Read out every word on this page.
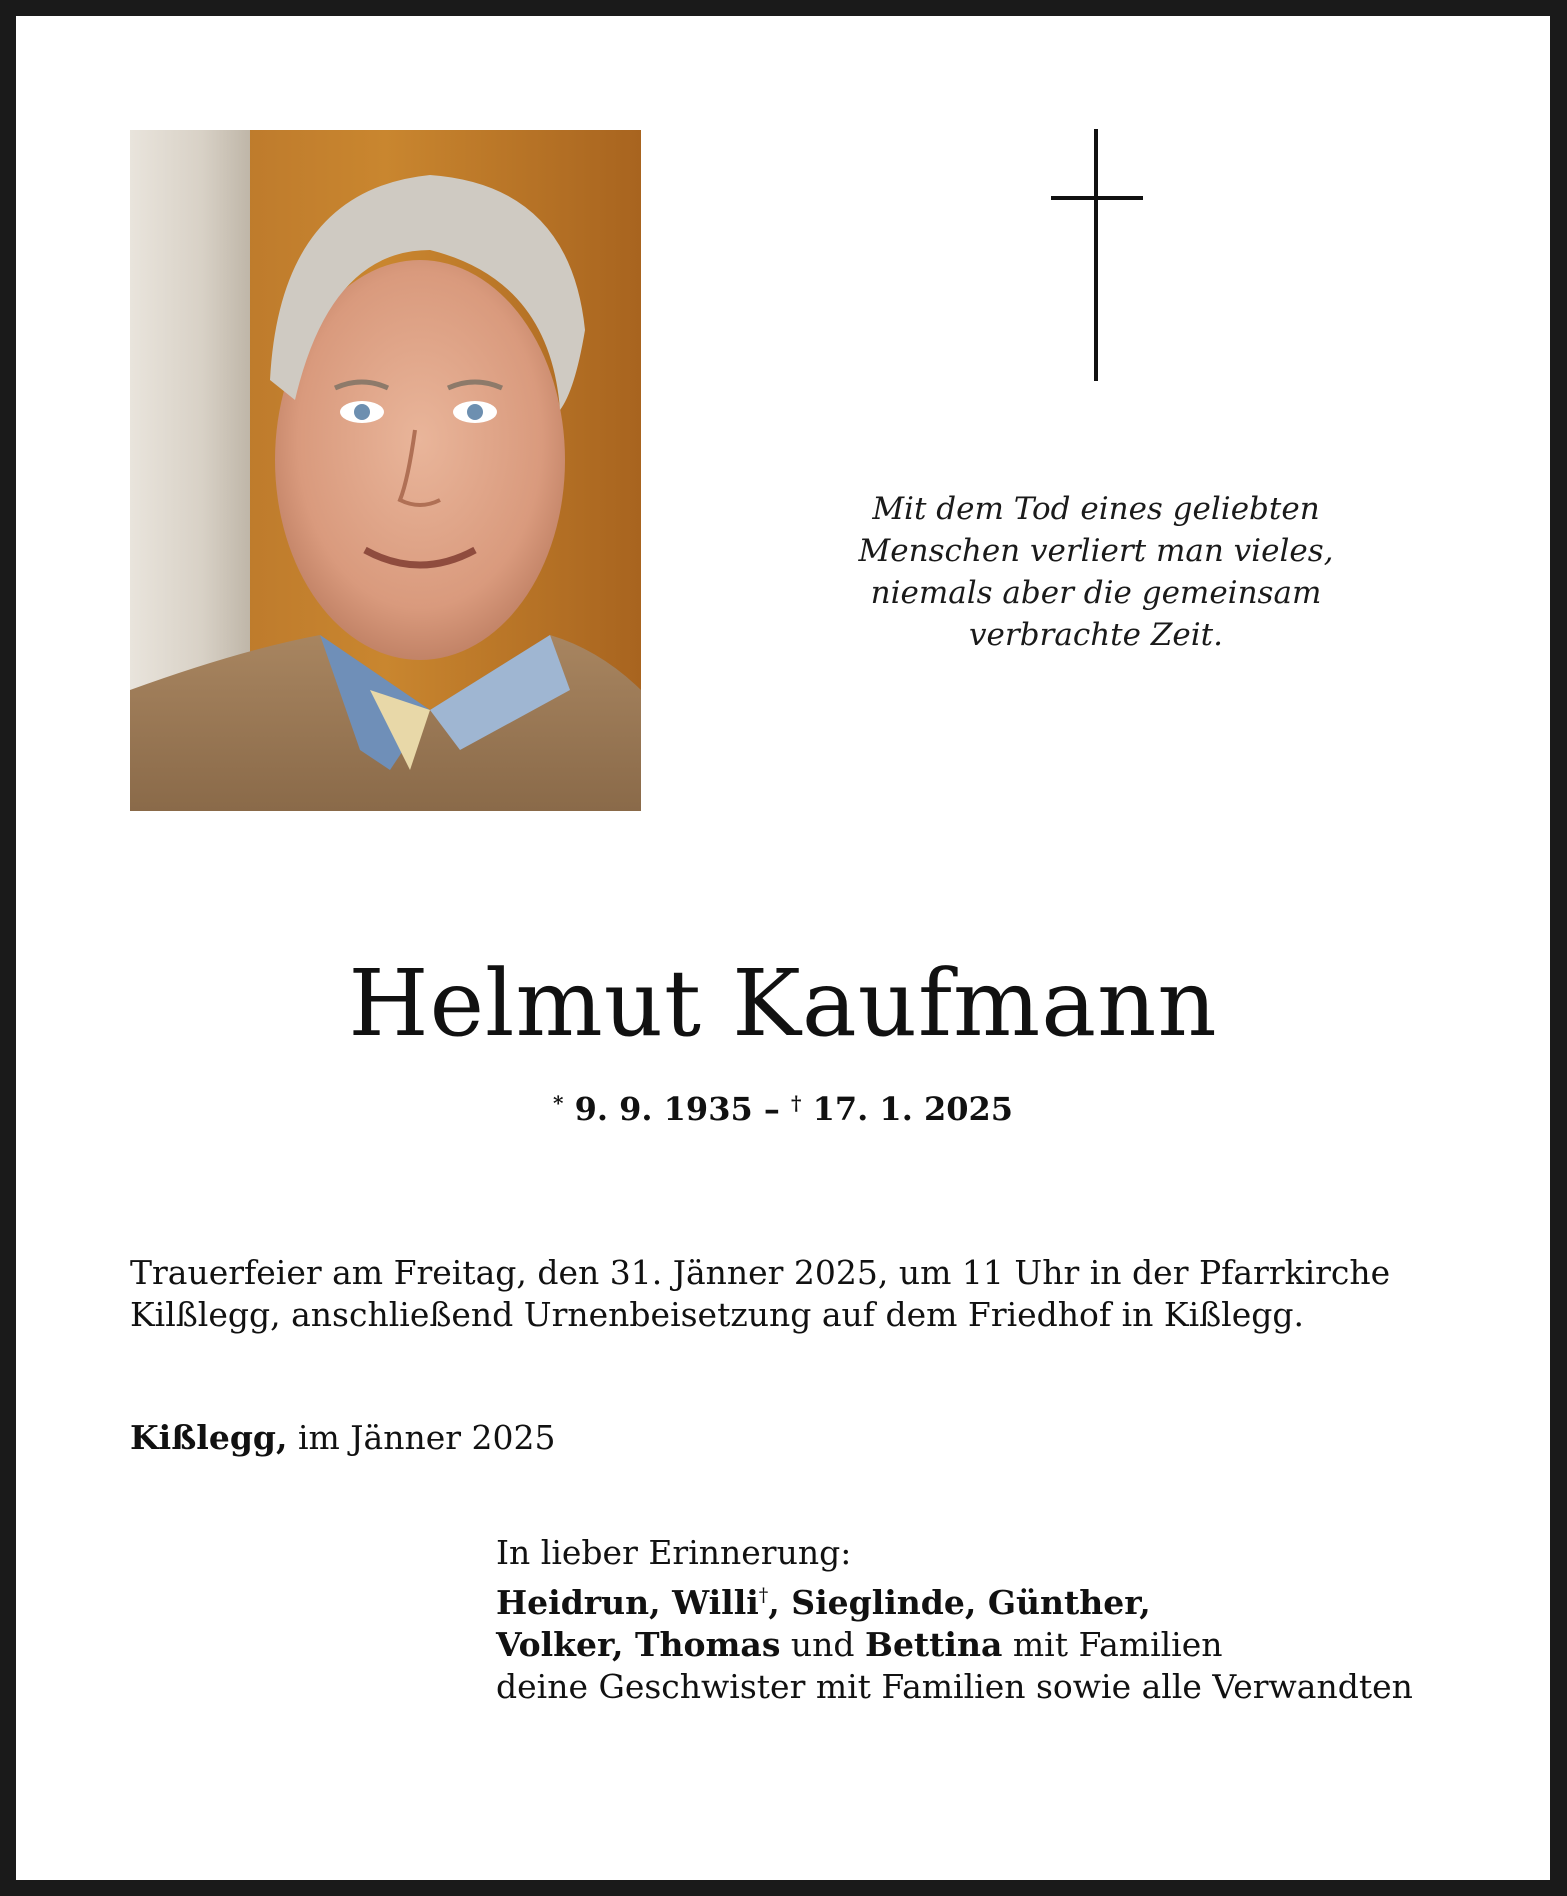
Mit dem Tod eines geliebten
Menschen verliert man vieles,
niemals aber die gemeinsam
verbrachte Zeit.
Helmut Kaufmann
* 9. 9. 1935 – † 17. 1. 2025
Trauerfeier am Freitag, den 31. Jänner 2025, um 11 Uhr in der Pfarrkirche
Kilßlegg, anschließend Urnenbeisetzung auf dem Friedhof in Kißlegg.
Kißlegg, im Jänner 2025
In lieber Erinnerung:
Heidrun, Willi†, Sieglinde, Günther,
Volker, Thomas und Bettina mit Familien
deine Geschwister mit Familien sowie alle Verwandten
